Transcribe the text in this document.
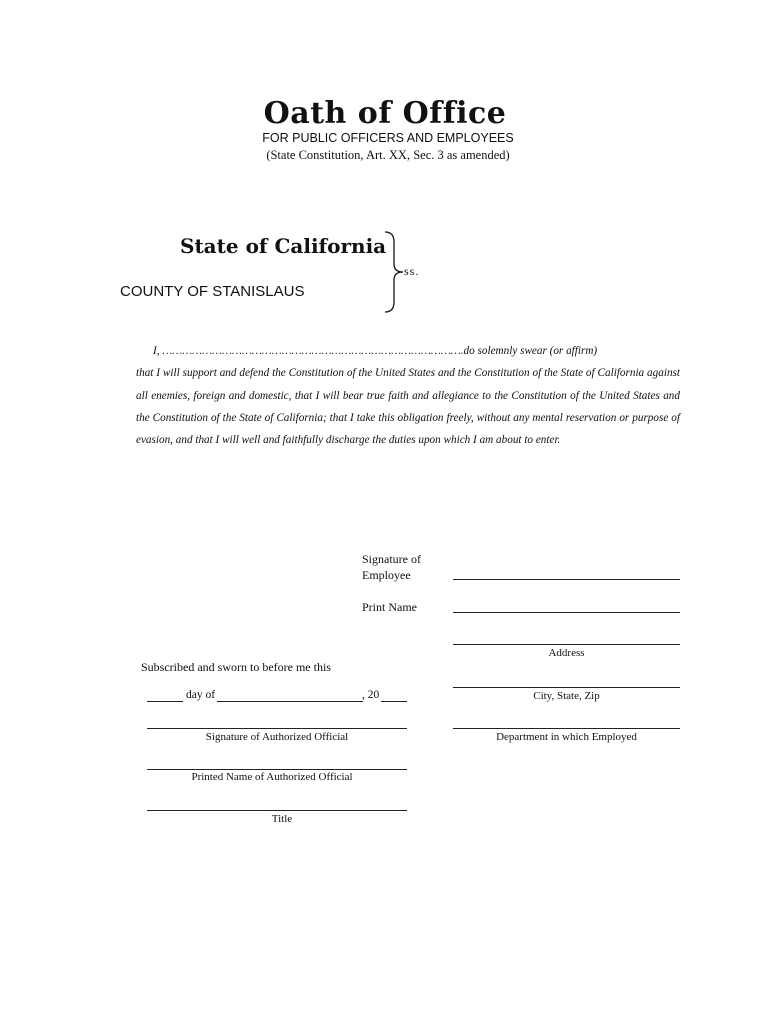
Oath of Office
FOR PUBLIC OFFICERS AND EMPLOYEES
(State Constitution, Art. XX, Sec. 3 as amended)
State of California
COUNTY OF STANISLAUS
ss.
I, ……………………………………………………………………………….do solemnly swear (or affirm)
that I will support and defend the Constitution of the United States and the Constitution of the State of California against all enemies, foreign and domestic, that I will bear true faith and allegiance to the Constitution of the United States and the Constitution of the State of California; that I take this obligation freely, without any mental reservation or purpose of evasion, and that I will well and faithfully discharge the duties upon which I am about to enter.
Signature of
Employee
Print Name
Address
City, State, Zip
Department in which Employed
Subscribed and sworn to before me this
day of	, 20
Signature of Authorized Official
Printed Name of Authorized Official
Title
